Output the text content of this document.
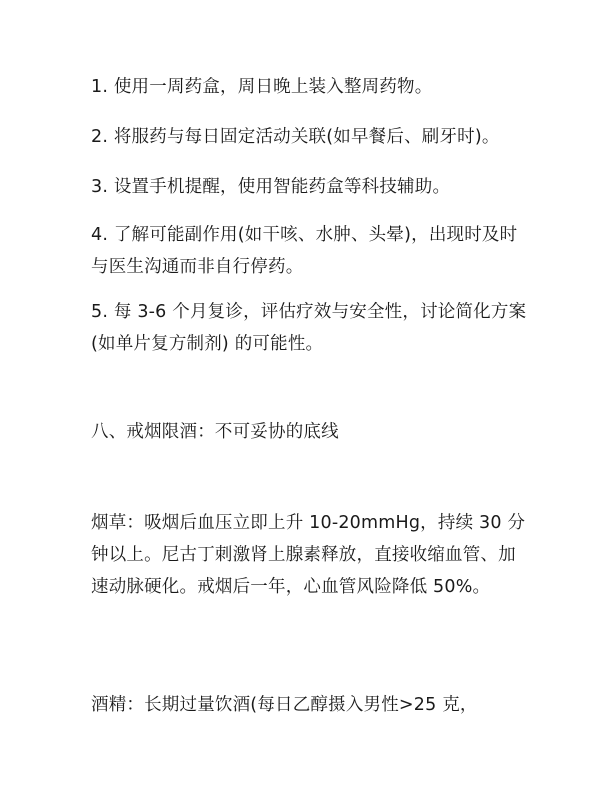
1. 使用一周药盒，周日晚上装入整周药物。

2. 将服药与每日固定活动关联(如早餐后、刷牙时)。

3. 设置手机提醒，使用智能药盒等科技辅助。

4. 了解可能副作用(如干咳、水肿、头晕)，出现时及时与医生沟通而非自行停药。

5. 每 3-6 个月复诊，评估疗效与安全性，讨论简化方案(如单片复方制剂) 的可能性。

八、戒烟限酒：不可妥协的底线

烟草：吸烟后血压立即上升 10-20mmHg，持续 30 分钟以上。尼古丁刺激肾上腺素释放，直接收缩血管、加速动脉硬化。戒烟后一年，心血管风险降低 50%。

酒精：长期过量饮酒(每日乙醇摄入男性>25 克，
